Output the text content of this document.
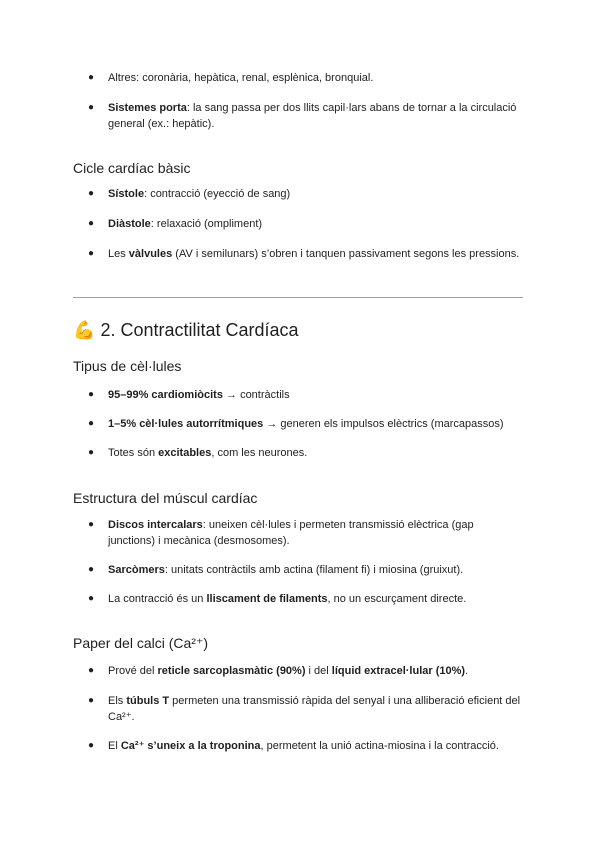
● Altres: coronària, hepàtica, renal, esplènica, bronquial.
● Sistemes porta: la sang passa per dos llits capil·lars abans de tornar a la circulació general (ex.: hepàtic).
Cicle cardíac bàsic
● Sístole: contracció (eyecció de sang)
● Diàstole: relaxació (ompliment)
● Les vàlvules (AV i semilunars) s’obren i tanquen passivament segons les pressions.
💪 2. Contractilitat Cardíaca
Tipus de cèl·lules
● 95–99% cardiomiòcits → contràctils
● 1–5% cèl·lules autorrítmiques → generen els impulsos elèctrics (marcapassos)
● Totes són excitables, com les neurones.
Estructura del múscul cardíac
● Discos intercalars: uneixen cèl·lules i permeten transmissió elèctrica (gap junctions) i mecànica (desmosomes).
● Sarcòmers: unitats contràctils amb actina (filament fi) i miosina (gruixut).
● La contracció és un lliscament de filaments, no un escurçament directe.
Paper del calci (Ca²⁺)
● Prové del reticle sarcoplasmàtic (90%) i del líquid extracel·lular (10%).
● Els túbuls T permeten una transmissió ràpida del senyal i una alliberació eficient del Ca²⁺.
● El Ca²⁺ s’uneix a la troponina, permetent la unió actina-miosina i la contracció.
